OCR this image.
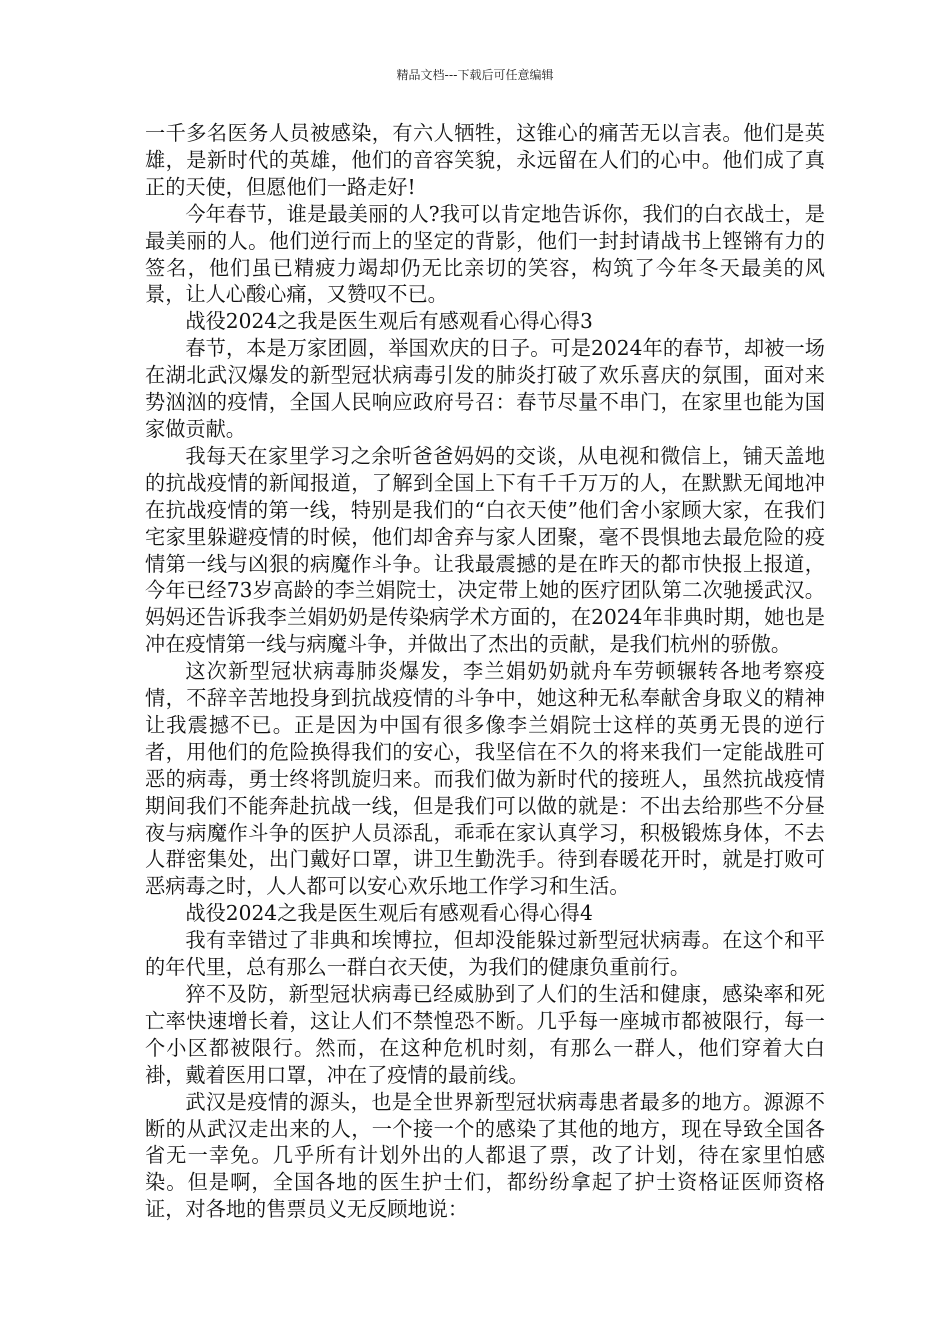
精品文档---下载后可任意编辑

一千多名医务人员被感染，有六人牺牲，这锥心的痛苦无以言表。他们是英雄，是新时代的英雄，他们的音容笑貌，永远留在人们的心中。他们成了真正的天使，但愿他们一路走好!

今年春节，谁是最美丽的人?我可以肯定地告诉你，我们的白衣战士，是最美丽的人。他们逆行而上的坚定的背影，他们一封封请战书上铿锵有力的签名，他们虽已精疲力竭却仍无比亲切的笑容，构筑了今年冬天最美的风景，让人心酸心痛，又赞叹不已。

战役2024之我是医生观后有感观看心得心得3

春节，本是万家团圆，举国欢庆的日子。可是2024年的春节，却被一场在湖北武汉爆发的新型冠状病毒引发的肺炎打破了欢乐喜庆的氛围，面对来势汹汹的疫情，全国人民响应政府号召：春节尽量不串门，在家里也能为国家做贡献。

我每天在家里学习之余听爸爸妈妈的交谈，从电视和微信上，铺天盖地的抗战疫情的新闻报道，了解到全国上下有千千万万的人，在默默无闻地冲在抗战疫情的第一线，特别是我们的“白衣天使”他们舍小家顾大家，在我们宅家里躲避疫情的时候，他们却舍弃与家人团聚，毫不畏惧地去最危险的疫情第一线与凶狠的病魔作斗争。让我最震撼的是在昨天的都市快报上报道，今年已经73岁高龄的李兰娟院士，决定带上她的医疗团队第二次驰援武汉。妈妈还告诉我李兰娟奶奶是传染病学术方面的，在2024年非典时期，她也是冲在疫情第一线与病魔斗争，并做出了杰出的贡献，是我们杭州的骄傲。

这次新型冠状病毒肺炎爆发，李兰娟奶奶就舟车劳顿辗转各地考察疫情，不辞辛苦地投身到抗战疫情的斗争中，她这种无私奉献舍身取义的精神让我震撼不已。正是因为中国有很多像李兰娟院士这样的英勇无畏的逆行者，用他们的危险换得我们的安心，我坚信在不久的将来我们一定能战胜可恶的病毒，勇士终将凯旋归来。而我们做为新时代的接班人，虽然抗战疫情期间我们不能奔赴抗战一线，但是我们可以做的就是：不出去给那些不分昼夜与病魔作斗争的医护人员添乱，乖乖在家认真学习，积极锻炼身体，不去人群密集处，出门戴好口罩，讲卫生勤洗手。待到春暖花开时，就是打败可恶病毒之时，人人都可以安心欢乐地工作学习和生活。

战役2024之我是医生观后有感观看心得心得4

我有幸错过了非典和埃博拉，但却没能躲过新型冠状病毒。在这个和平的年代里，总有那么一群白衣天使，为我们的健康负重前行。

猝不及防，新型冠状病毒已经威胁到了人们的生活和健康，感染率和死亡率快速增长着，这让人们不禁惶恐不断。几乎每一座城市都被限行，每一个小区都被限行。然而，在这种危机时刻，有那么一群人，他们穿着大白褂，戴着医用口罩，冲在了疫情的最前线。

武汉是疫情的源头，也是全世界新型冠状病毒患者最多的地方。源源不断的从武汉走出来的人，一个接一个的感染了其他的地方，现在导致全国各省无一幸免。几乎所有计划外出的人都退了票，改了计划，待在家里怕感染。但是啊，全国各地的医生护士们，都纷纷拿起了护士资格证医师资格证，对各地的售票员义无反顾地说：
